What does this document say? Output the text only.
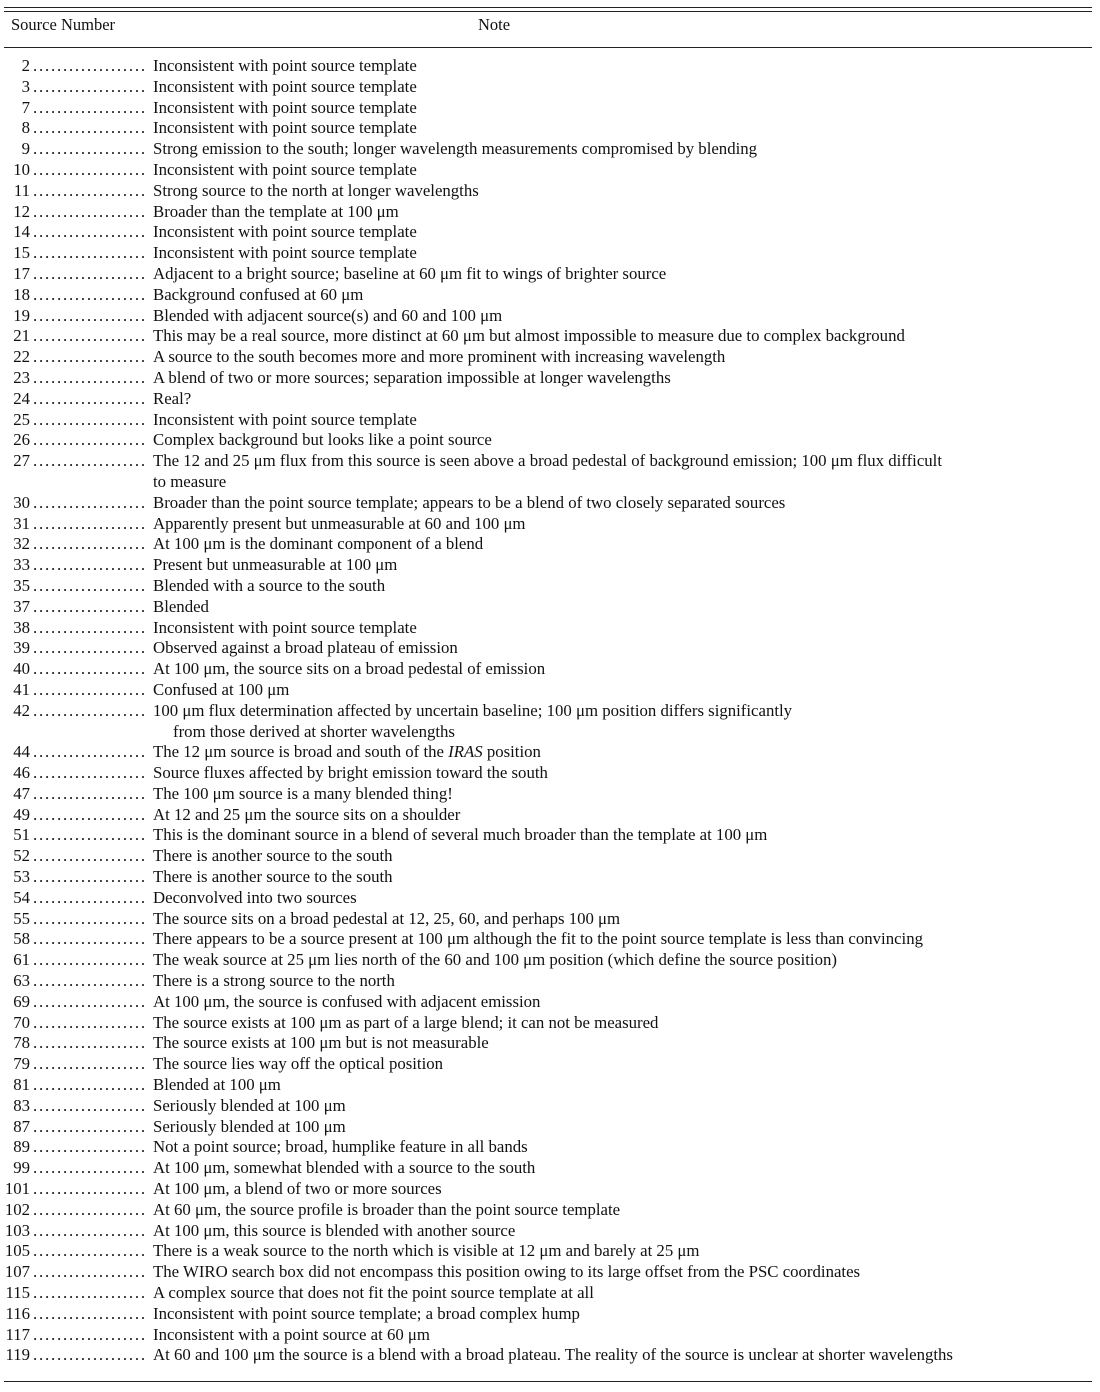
Source Number	Note
2 . . .	Inconsistent with point source template
3 . . .	Inconsistent with point source template
7 . . .	Inconsistent with point source template
8 . . .	Inconsistent with point source template
9 . . .	Strong emission to the south; longer wavelength measurements compromised by blending
10 . . .	Inconsistent with point source template
11 . . .	Strong source to the north at longer wavelengths
12 . . .	Broader than the template at 100 μm
14 . . .	Inconsistent with point source template
15 . . .	Inconsistent with point source template
17 . . .	Adjacent to a bright source; baseline at 60 μm fit to wings of brighter source
18 . . .	Background confused at 60 μm
19 . . .	Blended with adjacent source(s) and 60 and 100 μm
21 . . .	This may be a real source, more distinct at 60 μm but almost impossible to measure due to complex background
22 . . .	A source to the south becomes more and more prominent with increasing wavelength
23 . . .	A blend of two or more sources; separation impossible at longer wavelengths
24 . . .	Real?
25 . . .	Inconsistent with point source template
26 . . .	Complex background but looks like a point source
27 . . .	The 12 and 25 μm flux from this source is seen above a broad pedestal of background emission; 100 μm flux difficult
to measure
30 . . .	Broader than the point source template; appears to be a blend of two closely separated sources
31 . . .	Apparently present but unmeasurable at 60 and 100 μm
32 . . .	At 100 μm is the dominant component of a blend
33 . . .	Present but unmeasurable at 100 μm
35 . . .	Blended with a source to the south
37 . . .	Blended
38 . . .	Inconsistent with point source template
39 . . .	Observed against a broad plateau of emission
40 . . .	At 100 μm, the source sits on a broad pedestal of emission
41 . . .	Confused at 100 μm
42 . . .	100 μm flux determination affected by uncertain baseline; 100 μm position differs significantly
from those derived at shorter wavelengths
44 . . .	The 12 μm source is broad and south of the IRAS position
46 . . .	Source fluxes affected by bright emission toward the south
47 . . .	The 100 μm source is a many blended thing!
49 . . .	At 12 and 25 μm the source sits on a shoulder
51 . . .	This is the dominant source in a blend of several much broader than the template at 100 μm
52 . . .	There is another source to the south
53 . . .	There is another source to the south
54 . . .	Deconvolved into two sources
55 . . .	The source sits on a broad pedestal at 12, 25, 60, and perhaps 100 μm
58 . . .	There appears to be a source present at 100 μm although the fit to the point source template is less than convincing
61 . . .	The weak source at 25 μm lies north of the 60 and 100 μm position (which define the source position)
63 . . .	There is a strong source to the north
69 . . .	At 100 μm, the source is confused with adjacent emission
70 . . .	The source exists at 100 μm as part of a large blend; it can not be measured
78 . . .	The source exists at 100 μm but is not measurable
79 . . .	The source lies way off the optical position
81 . . .	Blended at 100 μm
83 . . .	Seriously blended at 100 μm
87 . . .	Seriously blended at 100 μm
89 . . .	Not a point source; broad, humplike feature in all bands
99 . . .	At 100 μm, somewhat blended with a source to the south
101 . . .	At 100 μm, a blend of two or more sources
102 . . .	At 60 μm, the source profile is broader than the point source template
103 . . .	At 100 μm, this source is blended with another source
105 . . .	There is a weak source to the north which is visible at 12 μm and barely at 25 μm
107 . . .	The WIRO search box did not encompass this position owing to its large offset from the PSC coordinates
115 . . .	A complex source that does not fit the point source template at all
116 . . .	Inconsistent with point source template; a broad complex hump
117 . . .	Inconsistent with a point source at 60 μm
119 . . .	At 60 and 100 μm the source is a blend with a broad plateau. The reality of the source is unclear at shorter wavelengths
